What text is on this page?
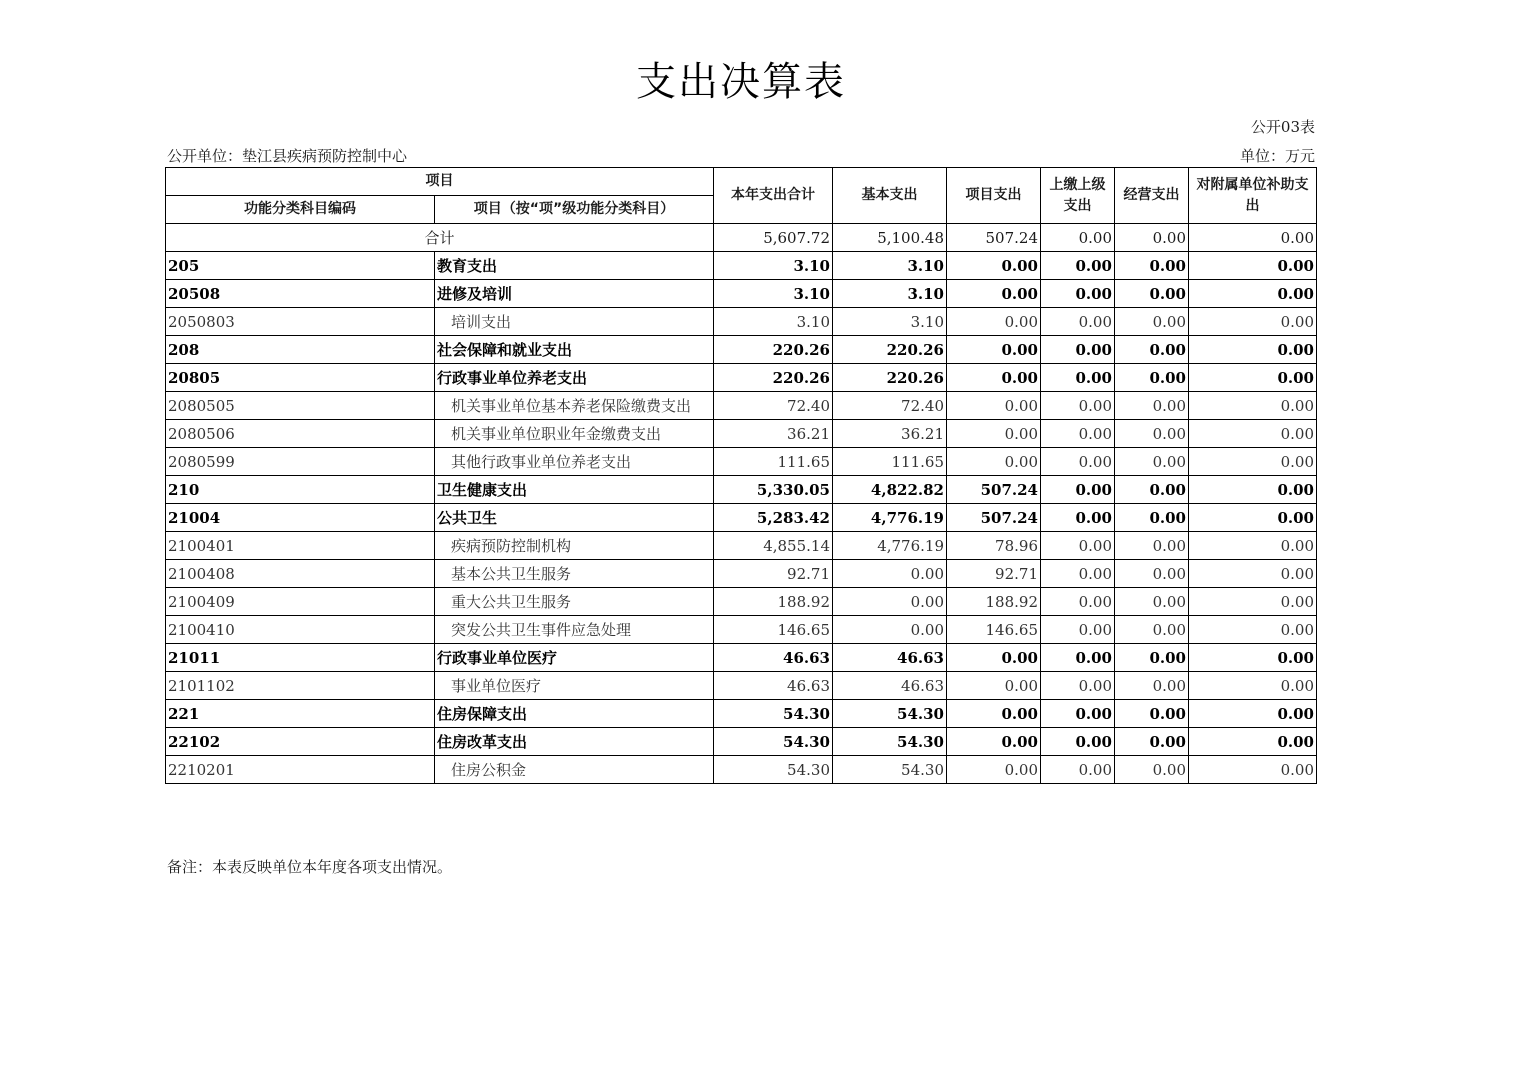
支出决算表
公开03表
公开单位：垫江县疾病预防控制中心	单位：万元
项目		本年支出合计	基本支出	项目支出	上缴上级支出	经营支出	对附属单位补助支出
功能分类科目编码	项目（按“项”级功能分类科目）						
合计		5,607.72	5,100.48	507.24	0.00	0.00	0.00
205	教育支出	3.10	3.10	0.00	0.00	0.00	0.00
20508	进修及培训	3.10	3.10	0.00	0.00	0.00	0.00
2050803	培训支出	3.10	3.10	0.00	0.00	0.00	0.00
208	社会保障和就业支出	220.26	220.26	0.00	0.00	0.00	0.00
20805	行政事业单位养老支出	220.26	220.26	0.00	0.00	0.00	0.00
2080505	机关事业单位基本养老保险缴费支出	72.40	72.40	0.00	0.00	0.00	0.00
2080506	机关事业单位职业年金缴费支出	36.21	36.21	0.00	0.00	0.00	0.00
2080599	其他行政事业单位养老支出	111.65	111.65	0.00	0.00	0.00	0.00
210	卫生健康支出	5,330.05	4,822.82	507.24	0.00	0.00	0.00
21004	公共卫生	5,283.42	4,776.19	507.24	0.00	0.00	0.00
2100401	疾病预防控制机构	4,855.14	4,776.19	78.96	0.00	0.00	0.00
2100408	基本公共卫生服务	92.71	0.00	92.71	0.00	0.00	0.00
2100409	重大公共卫生服务	188.92	0.00	188.92	0.00	0.00	0.00
2100410	突发公共卫生事件应急处理	146.65	0.00	146.65	0.00	0.00	0.00
21011	行政事业单位医疗	46.63	46.63	0.00	0.00	0.00	0.00
2101102	事业单位医疗	46.63	46.63	0.00	0.00	0.00	0.00
221	住房保障支出	54.30	54.30	0.00	0.00	0.00	0.00
22102	住房改革支出	54.30	54.30	0.00	0.00	0.00	0.00
2210201	住房公积金	54.30	54.30	0.00	0.00	0.00	0.00
备注：本表反映单位本年度各项支出情况。
